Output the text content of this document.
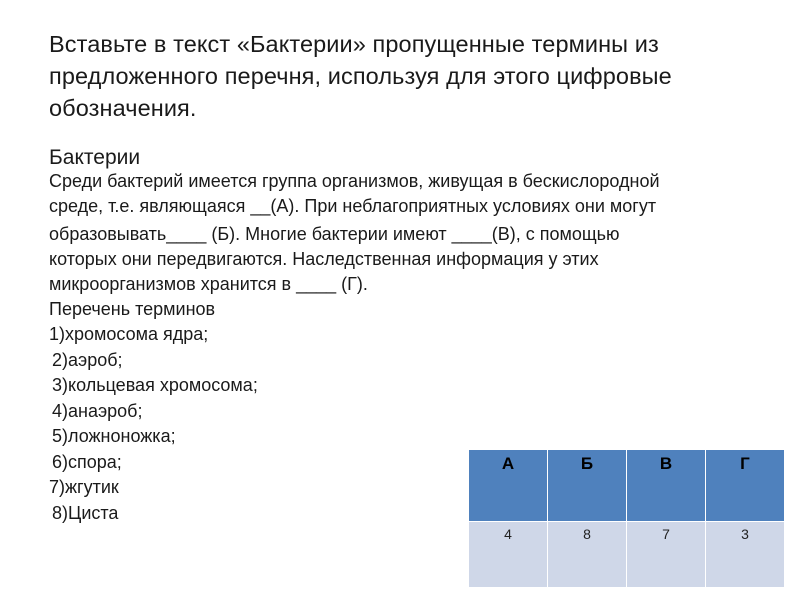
Вставьте в текст «Бактерии» пропущенные термины из предложенного перечня, используя для этого цифровые обозначения.
Бактерии
Среди бактерий имеется группа организмов, живущая в бескислородной
среде, т.е. являющаяся __(А). При неблагоприятных условиях они могут
образовывать____ (Б). Многие бактерии имеют ____(В), с помощью
которых они передвигаются. Наследственная информация у этих
микроорганизмов хранится в ____ (Г).
Перечень терминов
1)хромосома ядра;
2)аэроб;
3)кольцевая хромосома;
4)анаэроб;
5)ложноножка;
6)спора;
7)жгутик
8)Циста
А	Б	В	Г
4	8	7	3
